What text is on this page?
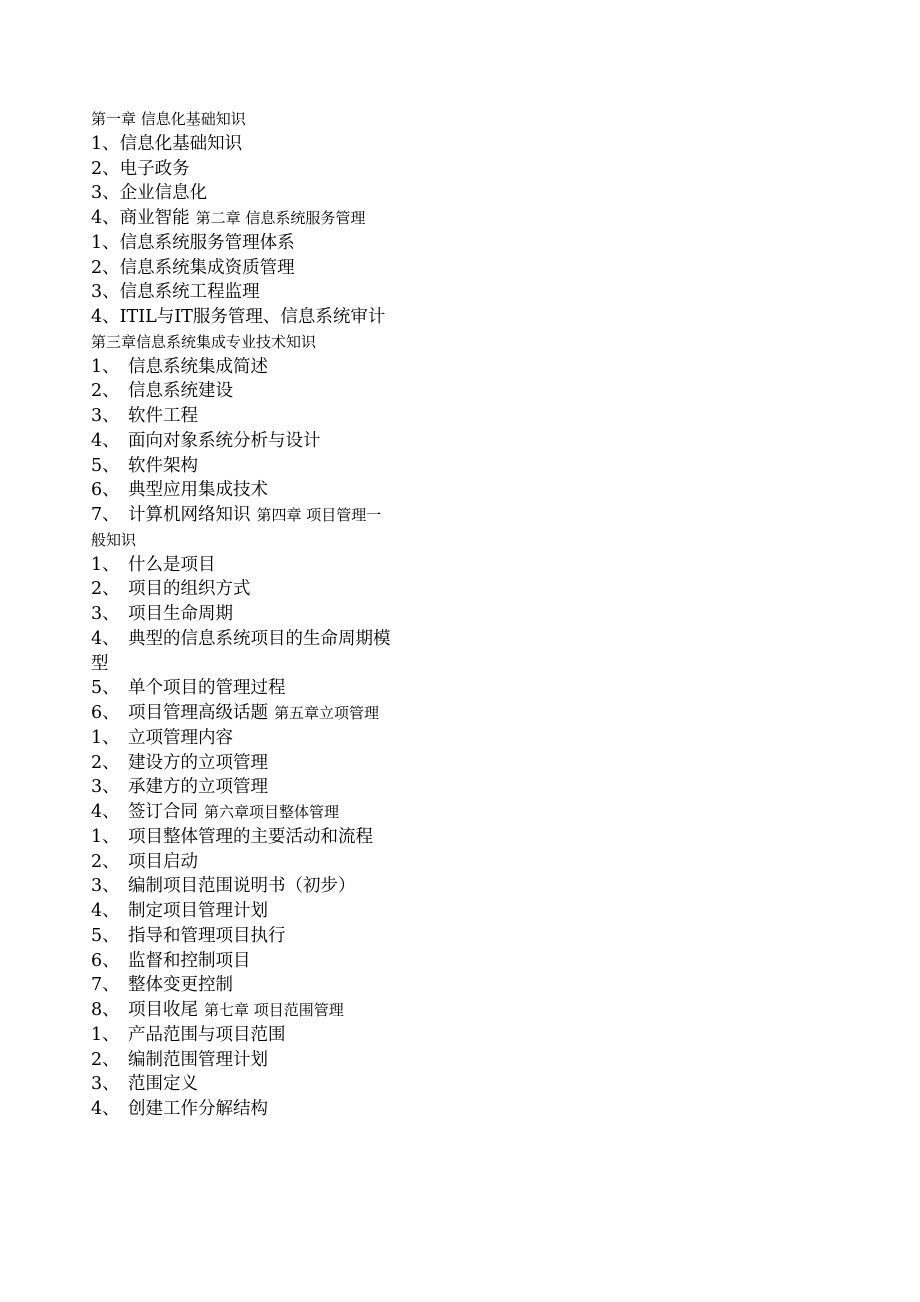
第一章 信息化基础知识
1、信息化基础知识
2、电子政务
3、企业信息化
4、商业智能 第二章 信息系统服务管理
1、信息系统服务管理体系
2、信息系统集成资质管理
3、信息系统工程监理
4、ITIL与IT服务管理、信息系统审计
第三章信息系统集成专业技术知识
1、 信息系统集成简述
2、 信息系统建设
3、 软件工程
4、 面向对象系统分析与设计
5、 软件架构
6、 典型应用集成技术
7、 计算机网络知识 第四章 项目管理一
般知识
1、 什么是项目
2、 项目的组织方式
3、 项目生命周期
4、 典型的信息系统项目的生命周期模
型
5、 单个项目的管理过程
6、 项目管理高级话题 第五章立项管理
1、 立项管理内容
2、 建设方的立项管理
3、 承建方的立项管理
4、 签订合同 第六章项目整体管理
1、 项目整体管理的主要活动和流程
2、 项目启动
3、 编制项目范围说明书（初步）
4、 制定项目管理计划
5、 指导和管理项目执行
6、 监督和控制项目
7、 整体变更控制
8、 项目收尾 第七章 项目范围管理
1、 产品范围与项目范围
2、 编制范围管理计划
3、 范围定义
4、 创建工作分解结构
